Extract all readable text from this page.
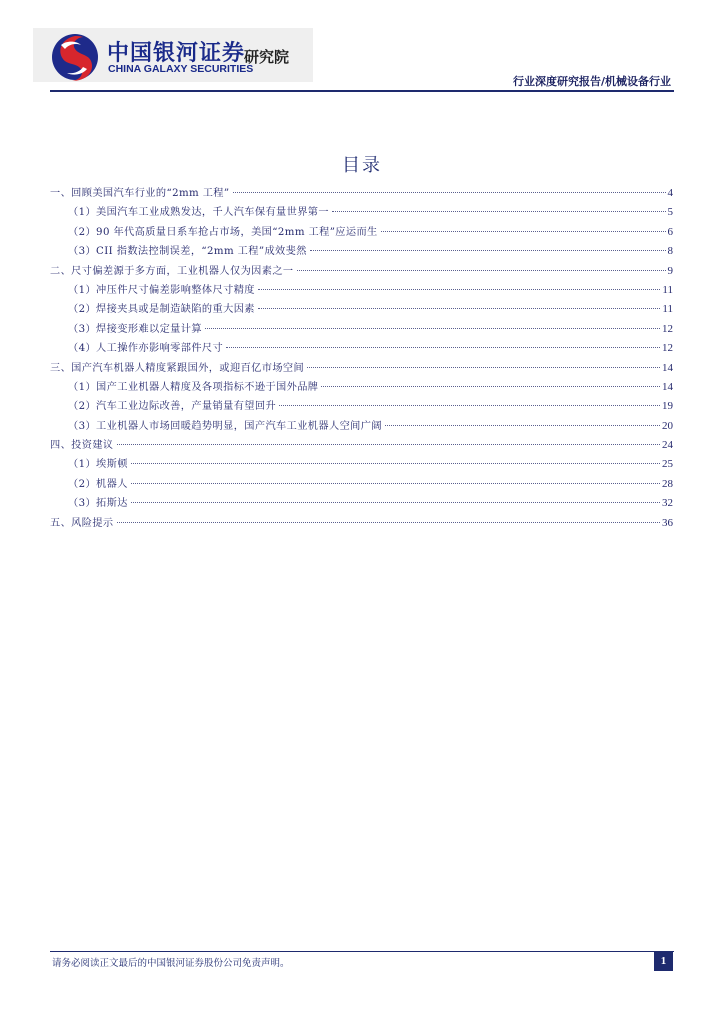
中国银河证券
CHINA GALAXY SECURITIES
研究院
行业深度研究报告/机械设备行业
目录
一、回顾美国汽车行业的“2mm 工程”	4
（1）美国汽车工业成熟发达，千人汽车保有量世界第一	5
（2）90 年代高质量日系车抢占市场，美国“2mm 工程”应运而生	6
（3）CII 指数法控制误差，“2mm 工程”成效斐然	8
二、尺寸偏差源于多方面，工业机器人仅为因素之一	9
（1）冲压件尺寸偏差影响整体尺寸精度	11
（2）焊接夹具或是制造缺陷的重大因素	11
（3）焊接变形难以定量计算	12
（4）人工操作亦影响零部件尺寸	12
三、国产汽车机器人精度紧跟国外，或迎百亿市场空间	14
（1）国产工业机器人精度及各项指标不逊于国外品牌	14
（2）汽车工业边际改善，产量销量有望回升	19
（3）工业机器人市场回暖趋势明显，国产汽车工业机器人空间广阔	20
四、投资建议	24
（1）埃斯顿	25
（2）机器人	28
（3）拓斯达	32
五、风险提示	36
请务必阅读正文最后的中国银河证券股份公司免责声明。	1
